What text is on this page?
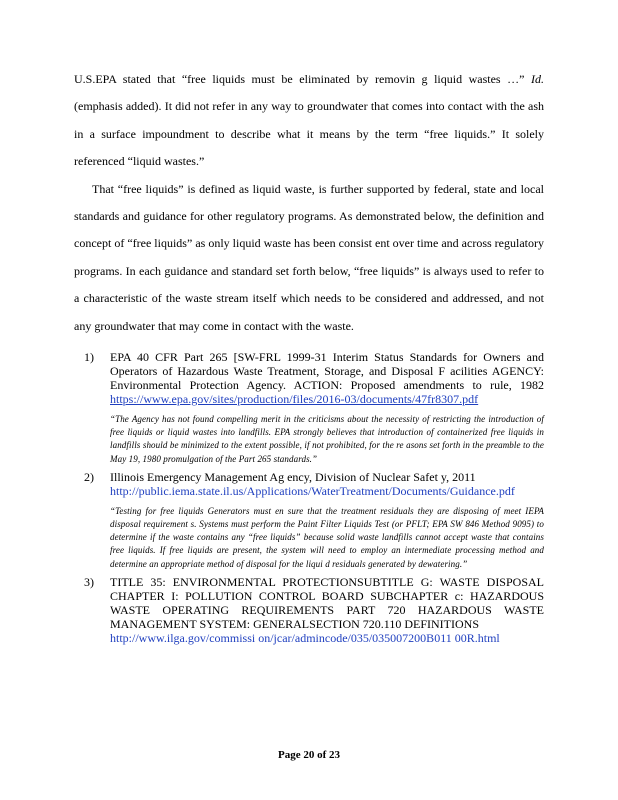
U.S.EPA stated that “free liquids must be eliminated by removin g liquid wastes …” Id. (emphasis added). It did not refer in any way to groundwater that comes into contact with the ash in a surface impoundment to describe what it means by the term “free liquids.” It solely referenced “liquid wastes.”

That “free liquids” is defined as liquid waste, is further supported by federal, state and local standards and guidance for other regulatory programs. As demonstrated below, the definition and concept of “free liquids” as only liquid waste has been consist ent over time and across regulatory programs. In each guidance and standard set forth below, “free liquids” is always used to refer to a characteristic of the waste stream itself which needs to be considered and addressed, and not any groundwater that may come in contact with the waste.

1) EPA 40 CFR Part 265 [SW-FRL 1999-31 Interim Status Standards for Owners and Operators of Hazardous Waste Treatment, Storage, and Disposal F acilities AGENCY: Environmental Protection Agency. ACTION: Proposed amendments to rule, 1982 https://www.epa.gov/sites/production/files/2016-03/documents/47fr8307.pdf

“The Agency has not found compelling merit in the criticisms about the necessity of restricting the introduction of free liquids or liquid wastes into landfills. EPA strongly believes that introduction of containerized free liquids in landfills should be minimized to the extent possible, if not prohibited, for the re asons set forth in the preamble to the May 19, 1980 promulgation of the Part 265 standards.”

2) Illinois Emergency Management Ag ency, Division of Nuclear Safet y, 2011
http://public.iema.state.il.us/Applications/WaterTreatment/Documents/Guidance.pdf

“Testing for free liquids Generators must en sure that the treatment residuals they are disposing of meet IEPA disposal requirement s. Systems must perform the Paint Filter Liquids Test (or PFLT; EPA SW 846 Method 9095) to determine if the waste contains any “free liquids” because solid waste landfills cannot accept waste that contains free liquids. If free liquids are present, the system will need to employ an intermediate processing method and determine an appropriate method of disposal for the liqui d residuals generated by dewatering.”

3) TITLE 35: ENVIRONMENTAL PROTECTIONSUBTITLE G: WASTE DISPOSAL CHAPTER I: POLLUTION CONTROL BOARD SUBCHAPTER c: HAZARDOUS WASTE OPERATING REQUIREMENTS PART 720 HAZARDOUS WASTE MANAGEMENT SYSTEM: GENERALSECTION 720.110 DEFINITIONS
http://www.ilga.gov/commissi on/jcar/admincode/035/035007200B011 00R.html

Page 20 of 23
